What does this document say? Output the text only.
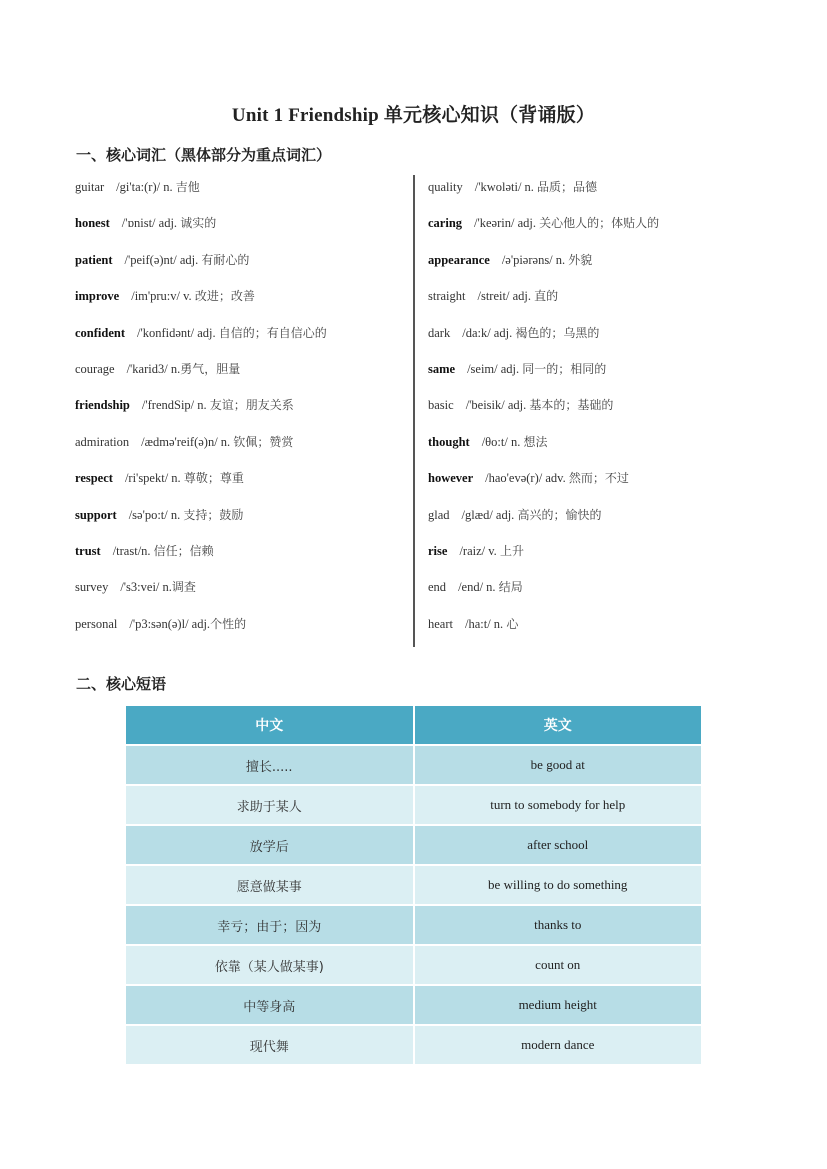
Unit 1 Friendship 单元核心知识（背诵版）
一、核心词汇（黑体部分为重点词汇）
guitar /gi'ta:(r)/ n. 吉他
honest /'ɒnist/ adj. 诚实的
patient /'peif(ə)nt/ adj. 有耐心的
improve /im'pru:v/ v. 改进；改善
confident /'konfidənt/ adj. 自信的；有自信心的
courage /'karid3/ n.勇气，胆量
friendship /'frendSip/ n. 友谊；朋友关系
admiration /ædmə'reif(ə)n/ n. 钦佩；赞赏
respect /ri'spekt/ n. 尊敬；尊重
support /sə'po:t/ n. 支持；鼓励
trust /trast/n. 信任；信赖
survey /'s3:vei/ n.调查
personal /'p3:sən(ə)l/ adj.个性的
quality /'kwoləti/ n. 品质；品德
caring /'keərin/ adj. 关心他人的；体贴人的
appearance /ə'piərəns/ n. 外貌
straight /streit/ adj. 直的
dark /da:k/ adj. 褐色的；乌黑的
same /seim/ adj. 同一的；相同的
basic /'beisik/ adj. 基本的；基础的
thought /θo:t/ n. 想法
however /hao'evə(r)/ adv. 然而；不过
glad /glæd/ adj. 高兴的；愉快的
rise /raiz/ v. 上升
end /end/ n. 结局
heart /ha:t/ n. 心
二、核心短语
中文	英文
擅长.....	be good at
求助于某人	turn to somebody for help
放学后	after school
愿意做某事	be willing to do something
幸亏；由于；因为	thanks to
依靠（某人做某事)	count on
中等身高	medium height
现代舞	modern dance
